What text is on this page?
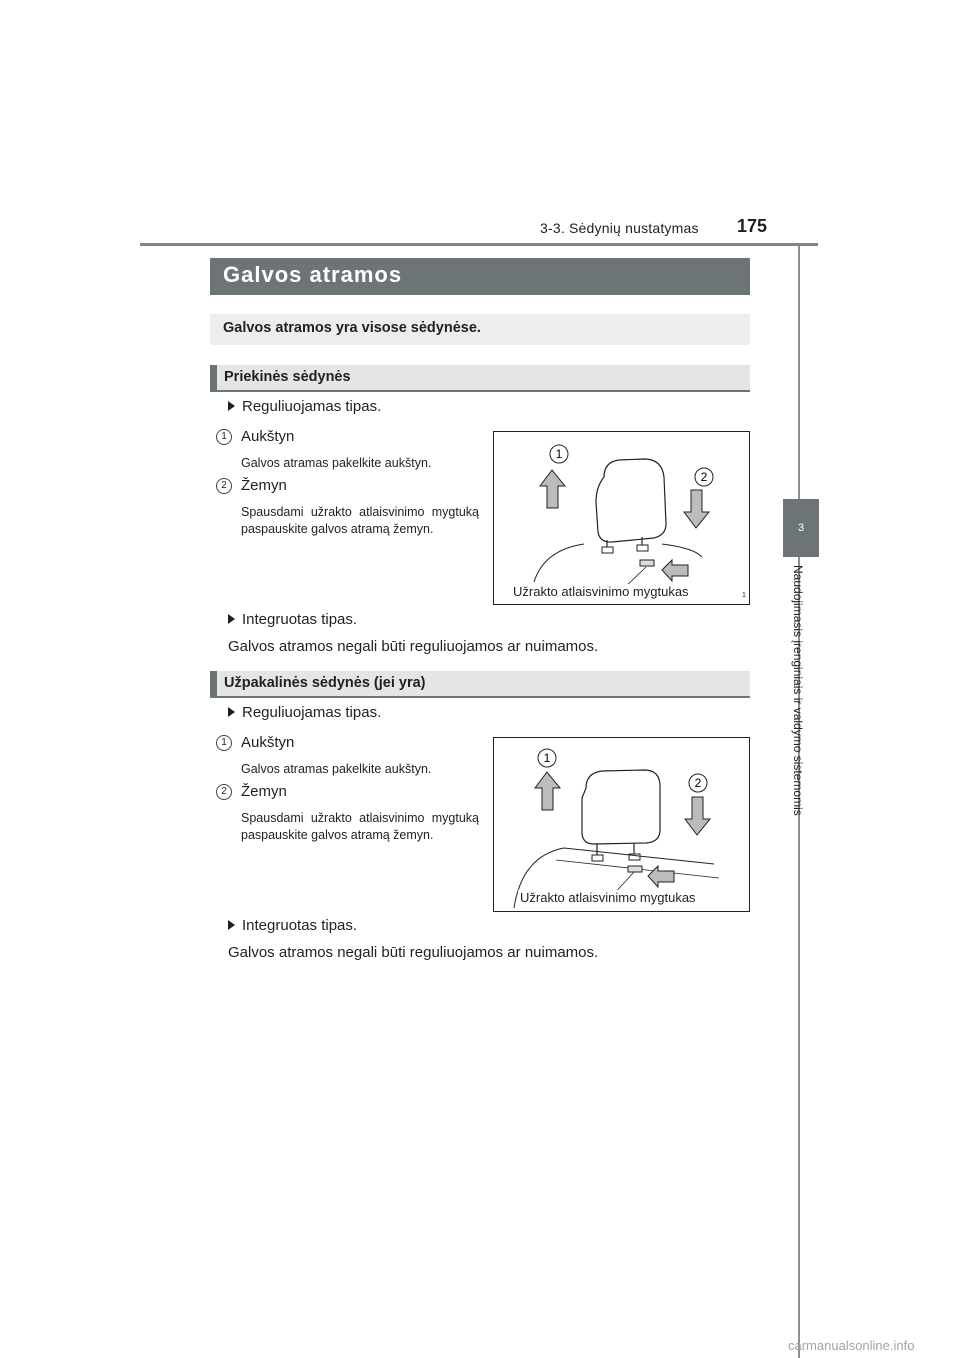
3-3. Sėdynių nustatymas 175
3
Naudojimasis įrenginiais ir valdymo sistemomis
Galvos atramos
Galvos atramos yra visose sėdynėse.
Priekinės sėdynės
Reguliuojamas tipas.
1 Aukštyn
Galvos atramas pakelkite aukštyn.
2 Žemyn
Spausdami užrakto atlaisvinimo mygtuką paspauskite galvos atramą žemyn.
1
2
Užrakto atlaisvinimo mygtukas	1
Integruotas tipas.
Galvos atramos negali būti reguliuojamos ar nuimamos.
Užpakalinės sėdynės (jei yra)
Reguliuojamas tipas.
1 Aukštyn
Galvos atramas pakelkite aukštyn.
2 Žemyn
Spausdami užrakto atlaisvinimo mygtuką paspauskite galvos atramą žemyn.
1
2
Užrakto atlaisvinimo mygtukas
Integruotas tipas.
Galvos atramos negali būti reguliuojamos ar nuimamos.
carmanualsonline.info
